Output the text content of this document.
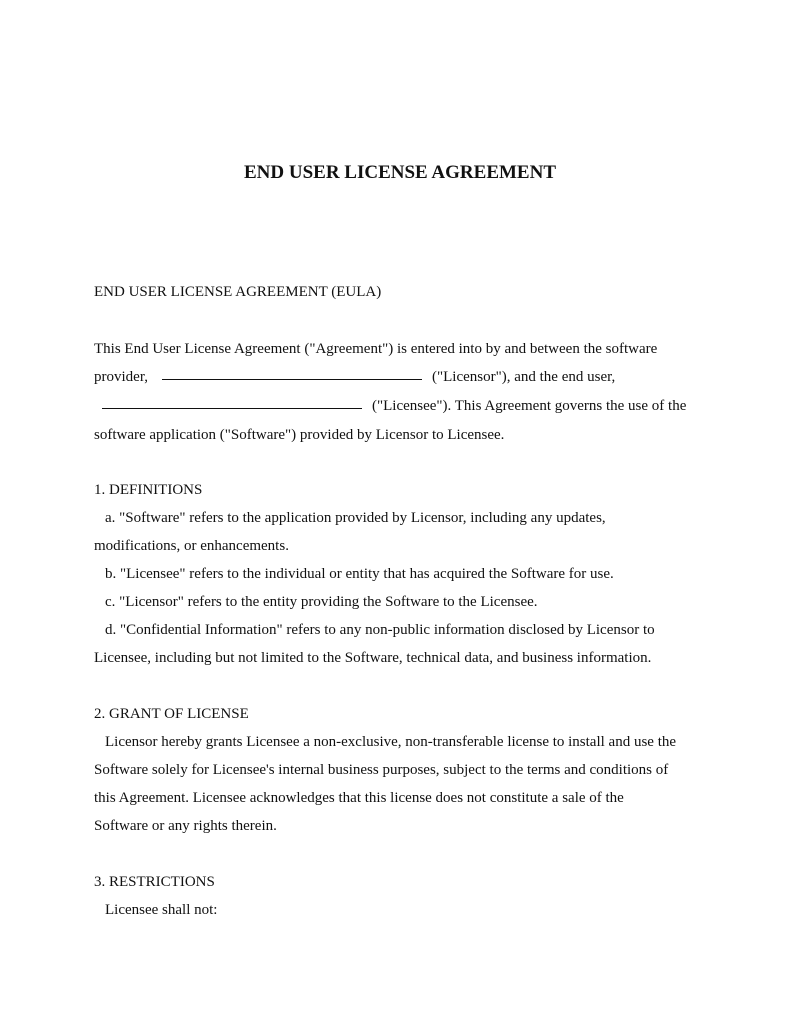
END USER LICENSE AGREEMENT

END USER LICENSE AGREEMENT (EULA)

This End User License Agreement ("Agreement") is entered into by and between the software

provider,	("Licensor"), and the end user,
("Licensee"). This Agreement governs the use of the

software application ("Software") provided by Licensor to Licensee.

1. DEFINITIONS

a. "Software" refers to the application provided by Licensor, including any updates,

modifications, or enhancements.

b. "Licensee" refers to the individual or entity that has acquired the Software for use.

c. "Licensor" refers to the entity providing the Software to the Licensee.

d. "Confidential Information" refers to any non-public information disclosed by Licensor to

Licensee, including but not limited to the Software, technical data, and business information.

2. GRANT OF LICENSE

Licensor hereby grants Licensee a non-exclusive, non-transferable license to install and use the

Software solely for Licensee's internal business purposes, subject to the terms and conditions of

this Agreement. Licensee acknowledges that this license does not constitute a sale of the

Software or any rights therein.

3. RESTRICTIONS

Licensee shall not:
